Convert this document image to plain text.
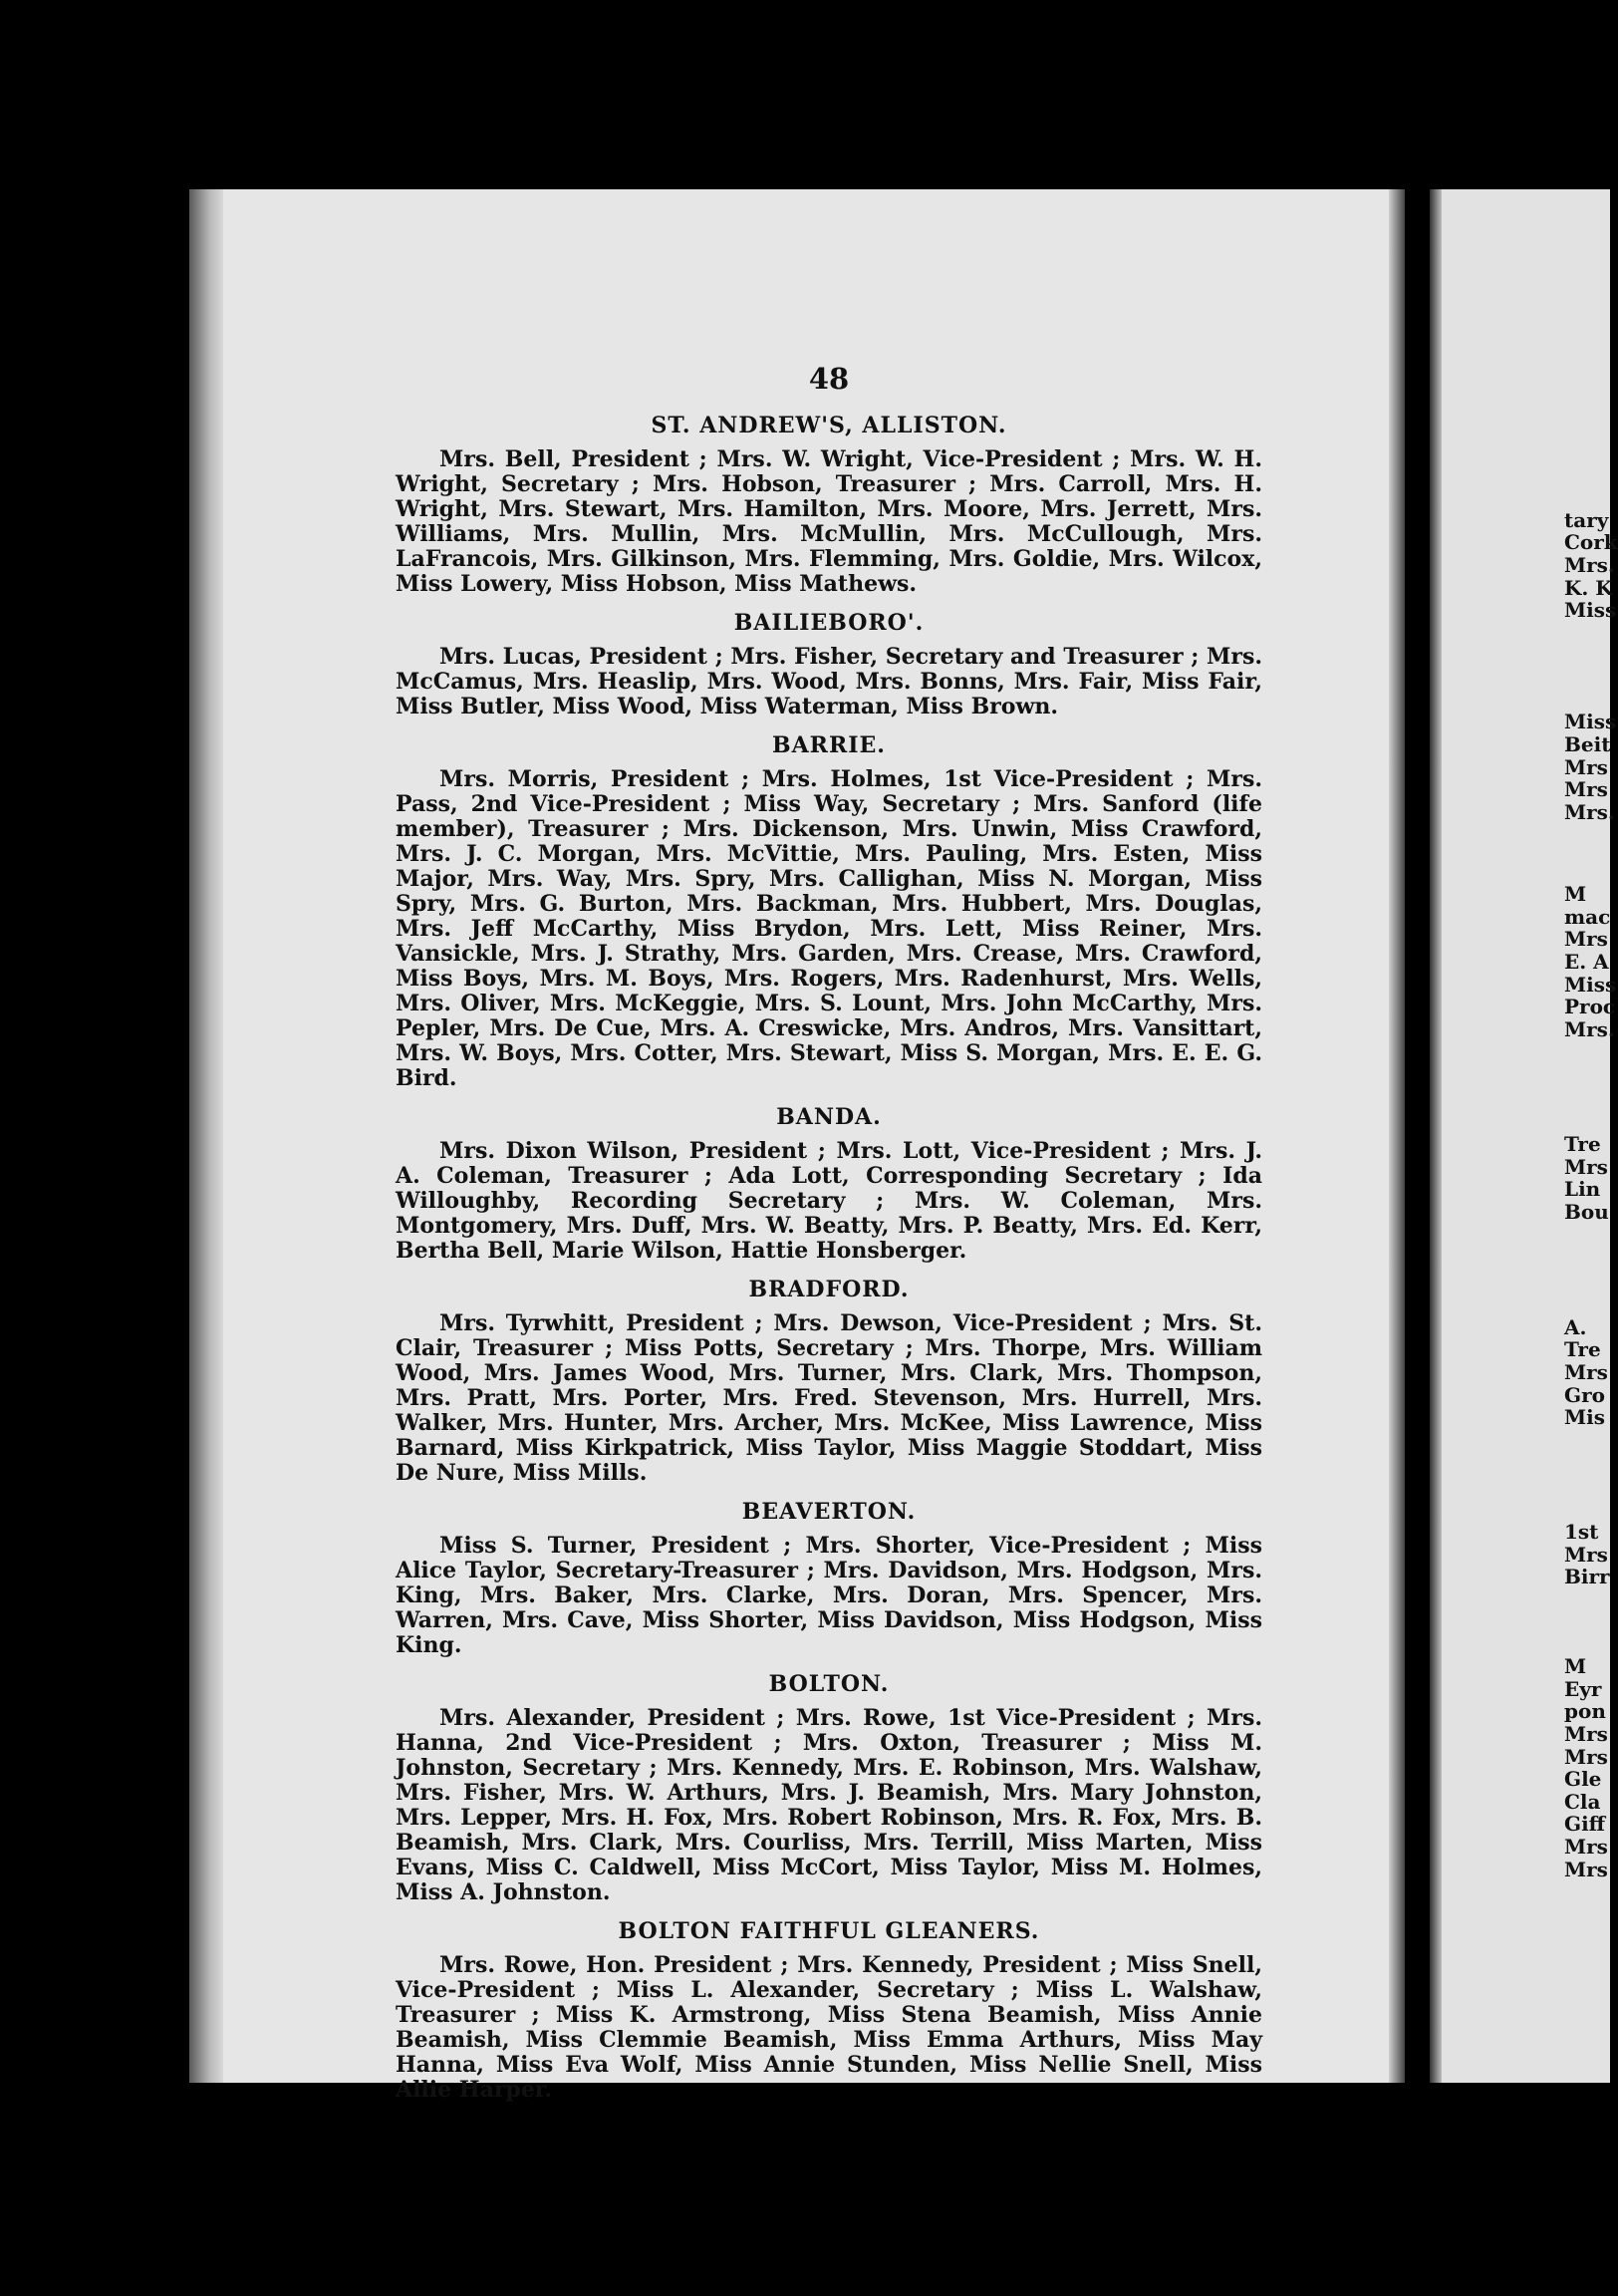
48
ST. ANDREW'S, ALLISTON.

Mrs. Bell, President ; Mrs. W. Wright, Vice-President ; Mrs. W. H. Wright, Secretary ; Mrs. Hobson, Treasurer ; Mrs. Carroll, Mrs. H. Wright, Mrs. Stewart, Mrs. Hamilton, Mrs. Moore, Mrs. Jerrett, Mrs. Williams, Mrs. Mullin, Mrs. McMullin, Mrs. McCullough, Mrs. LaFrancois, Mrs. Gilkinson, Mrs. Flemming, Mrs. Goldie, Mrs. Wilcox, Miss Lowery, Miss Hobson, Miss Mathews.

BAILIEBORO'.

Mrs. Lucas, President ; Mrs. Fisher, Secretary and Treasurer ; Mrs. McCamus, Mrs. Heaslip, Mrs. Wood, Mrs. Bonns, Mrs. Fair, Miss Fair, Miss Butler, Miss Wood, Miss Waterman, Miss Brown.

BARRIE.

Mrs. Morris, President ; Mrs. Holmes, 1st Vice-President ; Mrs. Pass, 2nd Vice-President ; Miss Way, Secretary ; Mrs. Sanford (life member), Treasurer ; Mrs. Dickenson, Mrs. Unwin, Miss Crawford, Mrs. J. C. Morgan, Mrs. McVittie, Mrs. Pauling, Mrs. Esten, Miss Major, Mrs. Way, Mrs. Spry, Mrs. Callighan, Miss N. Morgan, Miss Spry, Mrs. G. Burton, Mrs. Backman, Mrs. Hubbert, Mrs. Douglas, Mrs. Jeff McCarthy, Miss Brydon, Mrs. Lett, Miss Reiner, Mrs. Vansickle, Mrs. J. Strathy, Mrs. Garden, Mrs. Crease, Mrs. Crawford, Miss Boys, Mrs. M. Boys, Mrs. Rogers, Mrs. Radenhurst, Mrs. Wells, Mrs. Oliver, Mrs. McKeggie, Mrs. S. Lount, Mrs. John McCarthy, Mrs. Pepler, Mrs. De Cue, Mrs. A. Creswicke, Mrs. Andros, Mrs. Vansittart, Mrs. W. Boys, Mrs. Cotter, Mrs. Stewart, Miss S. Morgan, Mrs. E. E. G. Bird.

BANDA.

Mrs. Dixon Wilson, President ; Mrs. Lott, Vice-President ; Mrs. J. A. Coleman, Treasurer ; Ada Lott, Corresponding Secretary ; Ida Willoughby, Recording Secretary ; Mrs. W. Coleman, Mrs. Montgomery, Mrs. Duff, Mrs. W. Beatty, Mrs. P. Beatty, Mrs. Ed. Kerr, Bertha Bell, Marie Wilson, Hattie Honsberger.

BRADFORD.

Mrs. Tyrwhitt, President ; Mrs. Dewson, Vice-President ; Mrs. St. Clair, Treasurer ; Miss Potts, Secretary ; Mrs. Thorpe, Mrs. William Wood, Mrs. James Wood, Mrs. Turner, Mrs. Clark, Mrs. Thompson, Mrs. Pratt, Mrs. Porter, Mrs. Fred. Stevenson, Mrs. Hurrell, Mrs. Walker, Mrs. Hunter, Mrs. Archer, Mrs. McKee, Miss Lawrence, Miss Barnard, Miss Kirkpatrick, Miss Taylor, Miss Maggie Stoddart, Miss De Nure, Miss Mills.

BEAVERTON.

Miss S. Turner, President ; Mrs. Shorter, Vice-President ; Miss Alice Taylor, Secretary-Treasurer ; Mrs. Davidson, Mrs. Hodgson, Mrs. King, Mrs. Baker, Mrs. Clarke, Mrs. Doran, Mrs. Spencer, Mrs. Warren, Mrs. Cave, Miss Shorter, Miss Davidson, Miss Hodgson, Miss King.

BOLTON.

Mrs. Alexander, President ; Mrs. Rowe, 1st Vice-President ; Mrs. Hanna, 2nd Vice-President ; Mrs. Oxton, Treasurer ; Miss M. Johnston, Secretary ; Mrs. Kennedy, Mrs. E. Robinson, Mrs. Walshaw, Mrs. Fisher, Mrs. W. Arthurs, Mrs. J. Beamish, Mrs. Mary Johnston, Mrs. Lepper, Mrs. H. Fox, Mrs. Robert Robinson, Mrs. R. Fox, Mrs. B. Beamish, Mrs. Clark, Mrs. Courliss, Mrs. Terrill, Miss Marten, Miss Evans, Miss C. Caldwell, Miss McCort, Miss Taylor, Miss M. Holmes, Miss A. Johnston.

BOLTON FAITHFUL GLEANERS.

Mrs. Rowe, Hon. President ; Mrs. Kennedy, President ; Miss Snell, Vice-President ; Miss L. Alexander, Secretary ; Miss L. Walshaw, Treasurer ; Miss K. Armstrong, Miss Stena Beamish, Miss Annie Beamish, Miss Clemmie Beamish, Miss Emma Arthurs, Miss May Hanna, Miss Eva Wolf, Miss Annie Stunden, Miss Nellie Snell, Miss Allie Harper.

tary
Cork
Mrs.
K. K
Miss
Miss
Beit
Mrs
Mrs
Mrs.
M
mac
Mrs
E. A
Miss
Proc
Mrs.
Tre
Mrs
Lin
Bou
A.
Tre
Mrs
Gro
Mis
1st
Mrs
Birr
M
Eyr
pon
Mrs
Mrs
Gle
Cla
Giff
Mrs
Mrs
